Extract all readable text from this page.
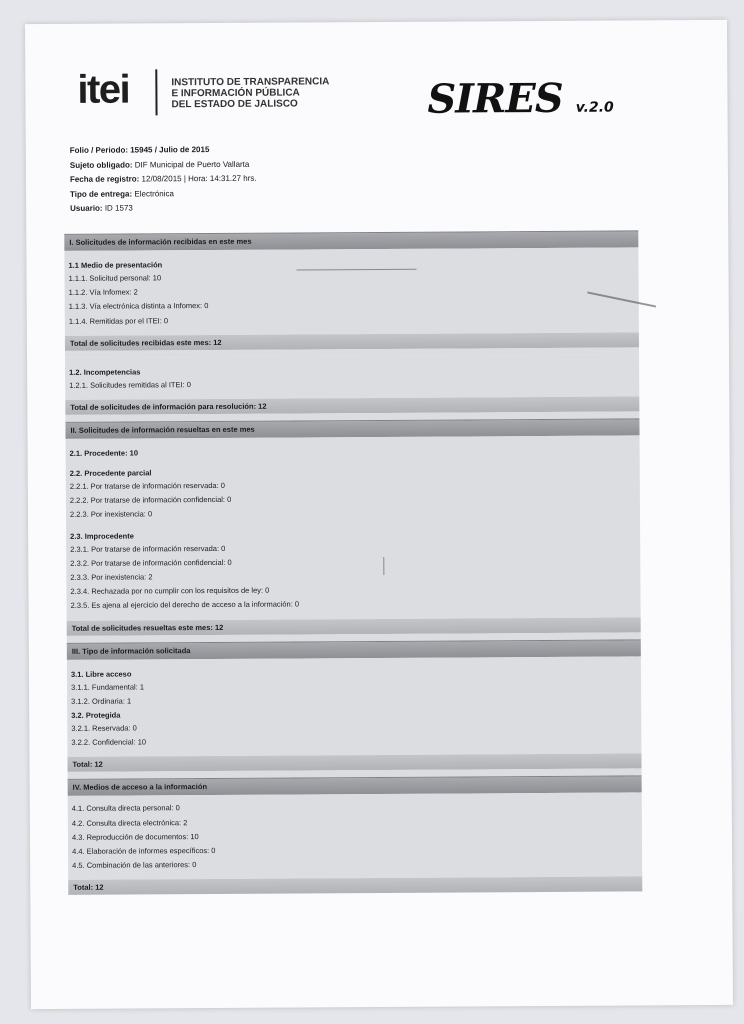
itei	INSTITUTO DE TRANSPARENCIA
E INFORMACIÓN PÚBLICA
DEL ESTADO DE JALISCO	SIRES v.2.0
Folio / Periodo: 15945 / Julio de 2015
Sujeto obligado: DIF Municipal de Puerto Vallarta
Fecha de registro: 12/08/2015 | Hora: 14:31.27 hrs.
Tipo de entrega: Electrónica
Usuario: ID 1573
I. Solicitudes de información recibidas en este mes
1.1 Medio de presentación
1.1.1. Solicitud personal: 10
1.1.2. Vía Infomex: 2
1.1.3. Vía electrónica distinta a Infomex: 0
1.1.4. Remitidas por el ITEI: 0
Total de solicitudes recibidas este mes: 12
1.2. Incompetencias
1.2.1. Solicitudes remitidas al ITEI: 0
Total de solicitudes de información para resolución: 12
II. Solicitudes de información resueltas en este mes
2.1. Procedente: 10
2.2. Procedente parcial
2.2.1. Por tratarse de información reservada: 0
2.2.2. Por tratarse de información confidencial: 0
2.2.3. Por inexistencia: 0
2.3. Improcedente
2.3.1. Por tratarse de información reservada: 0
2.3.2. Por tratarse de información confidencial: 0
2.3.3. Por inexistencia: 2
2.3.4. Rechazada por no cumplir con los requisitos de ley: 0
2.3.5. Es ajena al ejercicio del derecho de acceso a la información: 0
Total de solicitudes resueltas este mes: 12
III. Tipo de información solicitada
3.1. Libre acceso
3.1.1. Fundamental: 1
3.1.2. Ordinaria: 1
3.2. Protegida
3.2.1. Reservada: 0
3.2.2. Confidencial: 10
Total: 12
IV. Medios de acceso a la información
4.1. Consulta directa personal: 0
4.2. Consulta directa electrónica: 2
4.3. Reproducción de documentos: 10
4.4. Elaboración de informes específicos: 0
4.5. Combinación de las anteriores: 0
Total: 12
